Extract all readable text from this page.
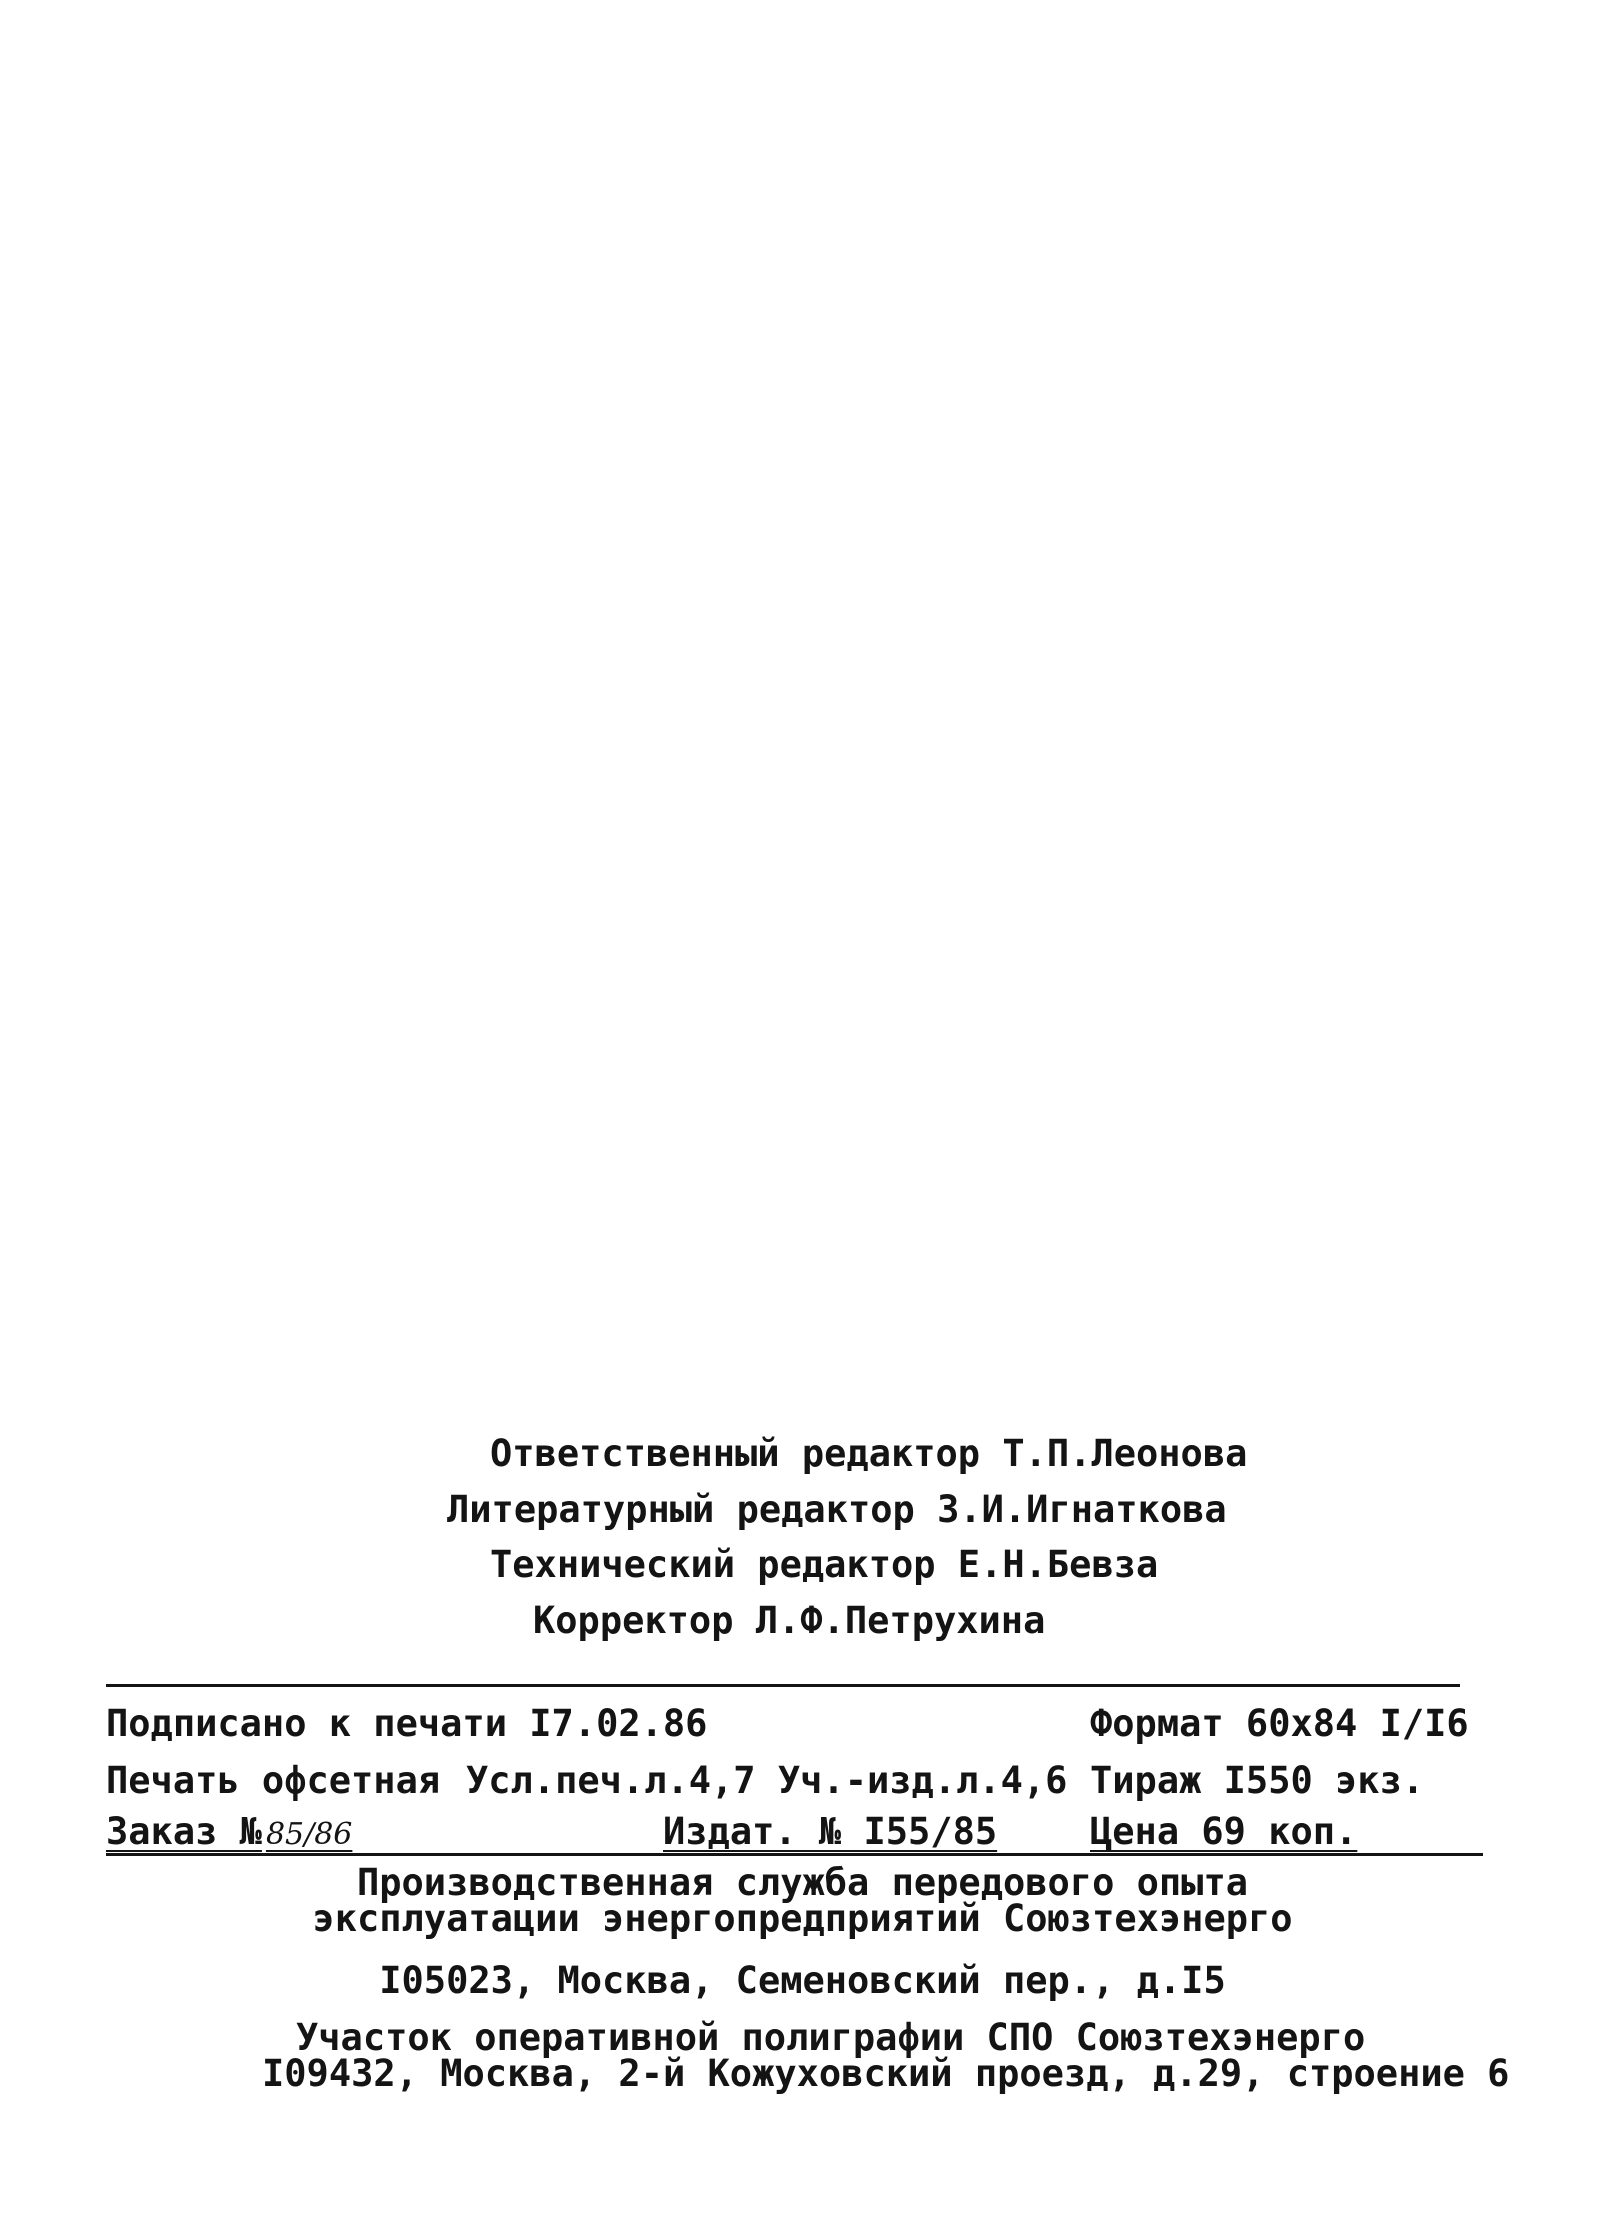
Ответственный редактор Т.П.Леонова
Литературный редактор З.И.Игнаткова
Технический редактор Е.Н.Бевза
Корректор Л.Ф.Петрухина
Подписано к печати I7.02.86	Формат 60х84 I/I6
Печать офсетная Усл.печ.л.4,7 Уч.-изд.л.4,6 Тираж I550 экз.
Заказ № 85/86	Издат. № I55/85	Цена 69 коп.
Производственная служба передового опыта
эксплуатации энергопредприятий Союзтехэнерго
I05023, Москва, Семеновский пер., д.I5
Участок оперативной полиграфии СПО Союзтехэнерго
I09432, Москва, 2-й Кожуховский проезд, д.29, строение 6
